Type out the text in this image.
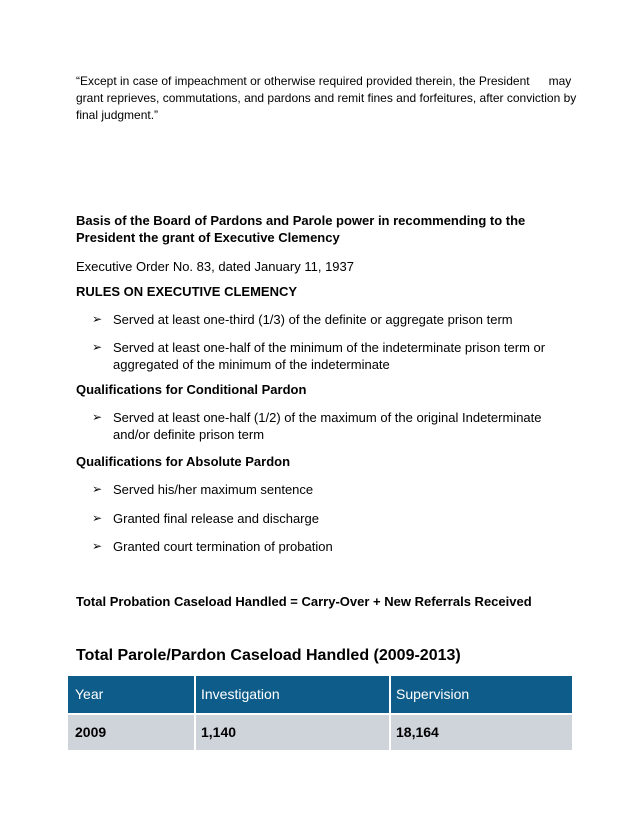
“Except in case of impeachment or otherwise required provided therein, the President may
grant reprieves, commutations, and pardons and remit fines and forfeitures, after conviction by
final judgment.”
Basis of the Board of Pardons and Parole power in recommending to the
President the grant of Executive Clemency
Executive Order No. 83, dated January 11, 1937
RULES ON EXECUTIVE CLEMENCY
➢ Served at least one-third (1/3) of the definite or aggregate prison term
➢ Served at least one-half of the minimum of the indeterminate prison term or
aggregated of the minimum of the indeterminate
Qualifications for Conditional Pardon
➢ Served at least one-half (1/2) of the maximum of the original Indeterminate
and/or definite prison term
Qualifications for Absolute Pardon
➢ Served his/her maximum sentence
➢ Granted final release and discharge
➢ Granted court termination of probation
Total Probation Caseload Handled = Carry-Over + New Referrals Received
Total Parole/Pardon Caseload Handled (2009-2013)
Year	Investigation	Supervision
2009	1,140	18,164
